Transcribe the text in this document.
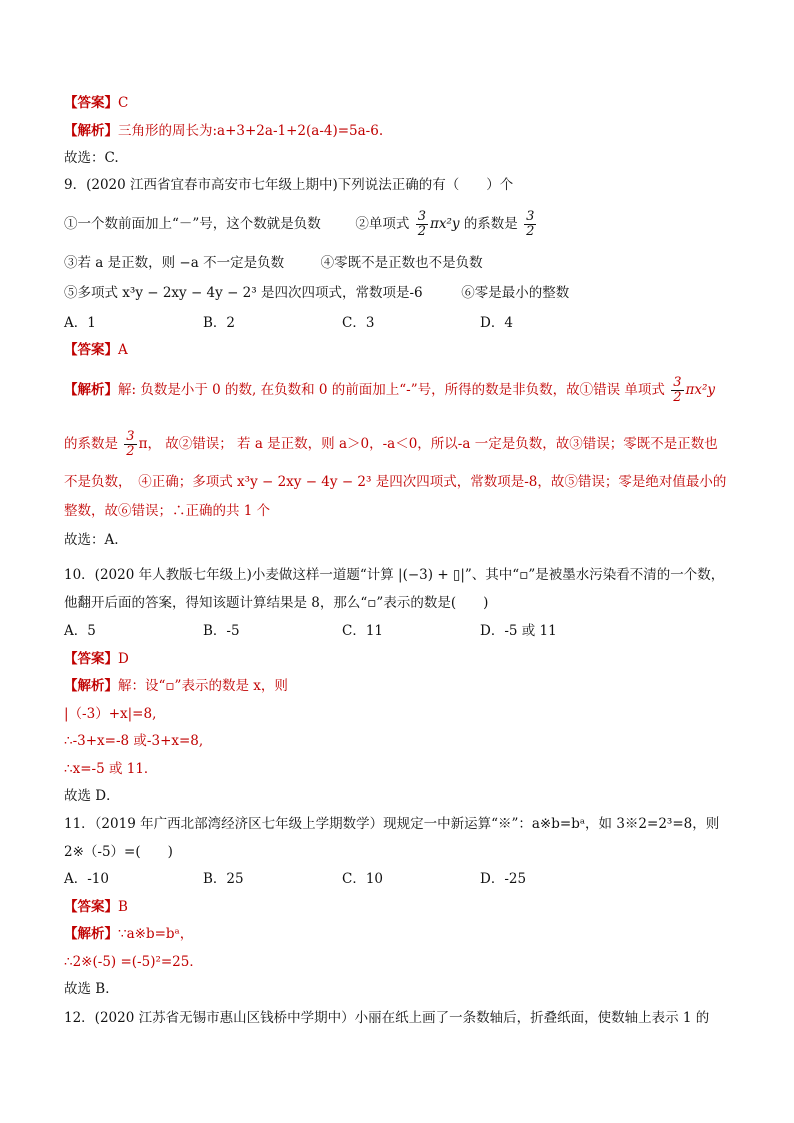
【答案】C
【解析】三角形的周长为:a+3+2a-1+2(a-4)=5a-6.
故选：C.
9．(2020 江西省宜春市高安市七年级上期中)下列说法正确的有（　　）个
①一个数前面加上“－”号，这个数就是负数	②单项式 $\frac{3}{2} \pi x^2y$ 的系数是 $\frac{3}{2}$
③若 a 是正数，则 −a 不一定是负数	④零既不是正数也不是负数
⑤多项式 x³y − 2xy − 4y − 2³ 是四次四项式，常数项是-6	⑥零是最小的整数
A．1	B．2	C．3	D．4
【答案】A
【解析】解: 负数是小于 0 的数, 在负数和 0 的前面加上“-”号，所得的数是非负数，故①错误 单项式 $\frac{3}{2} \pi x^2y$
的系数是 $\frac{3}{2}$ π， 故②错误； 若 a 是正数，则 a＞0，-a＜0，所以-a 一定是负数，故③错误；零既不是正数也
不是负数，　④正确；多项式 x³y − 2xy − 4y − 2³ 是四次四项式，常数项是-8，故⑤错误；零是绝对值最小的
整数，故⑥错误；∴正确的共 1 个
故选：A.
10．(2020 年人教版七年级上)小麦做这样一道题“计算 |(−3) + ▯|”、其中“▫”是被墨水污染看不清的一个数，
他翻开后面的答案，得知该题计算结果是 8，那么“▫”表示的数是(　　)
A．5	B．-5	C．11	D．-5 或 11
【答案】D
【解析】解：设“▫”表示的数是 x，则
|（-3）+x|=8,
∴-3+x=-8 或-3+x=8,
∴x=-5 或 11．
故选 D．
11．（2019 年广西北部湾经济区七年级上学期数学）现规定一中新运算“※”：a※b=bᵃ，如 3※2=2³=8，则
2※（-5）=(　　)
A．-10	B．25	C．10	D．-25
【答案】B
【解析】∵a※b=bᵃ，
∴2※(-5) =(-5)²=25．
故选 B．
12．(2020 江苏省无锡市惠山区钱桥中学期中）小丽在纸上画了一条数轴后，折叠纸面，使数轴上表示 1 的
